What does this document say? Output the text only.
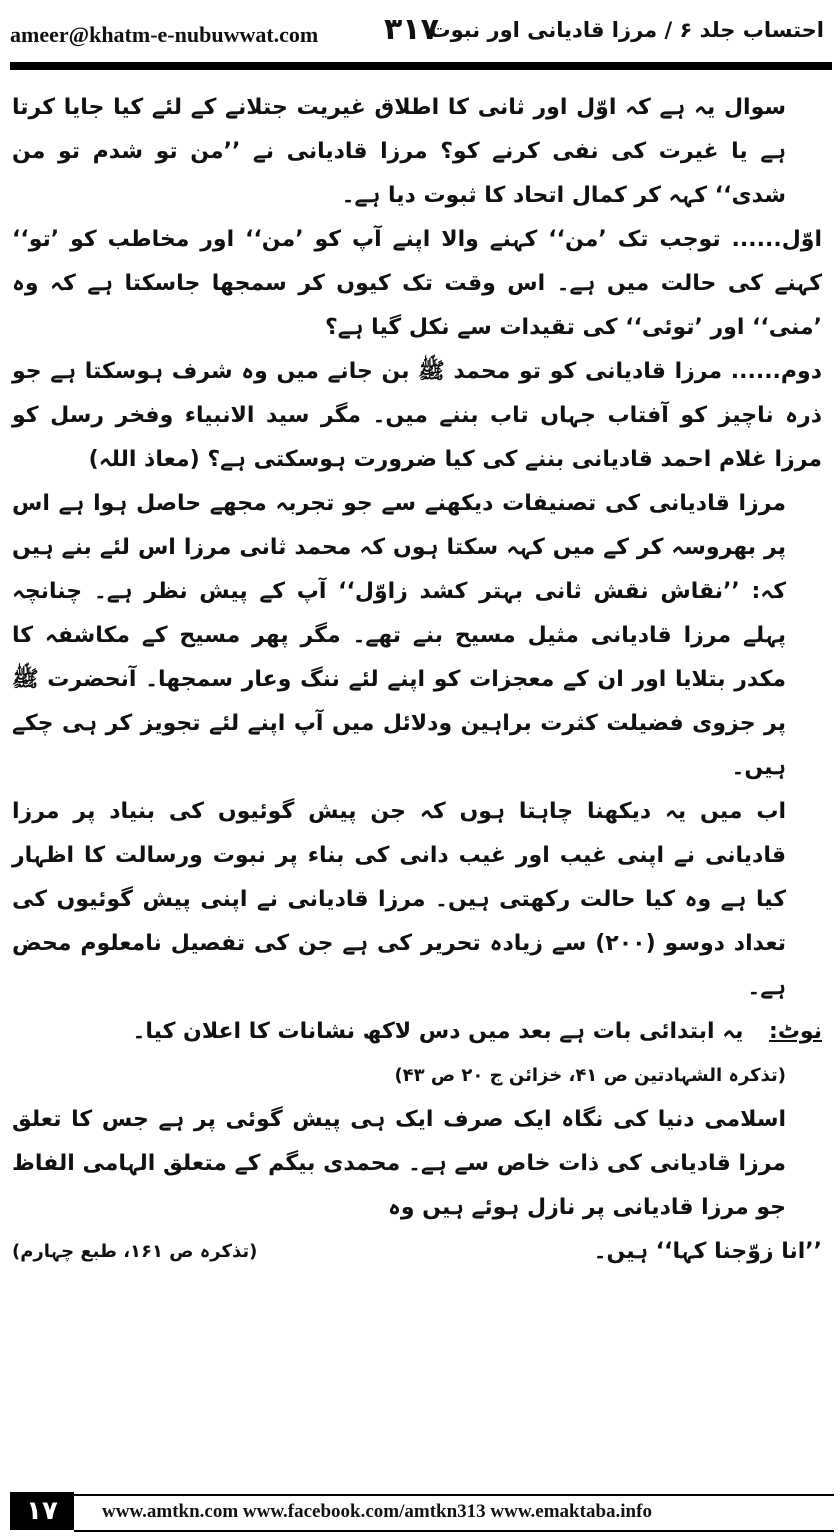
ameer@khatm-e-nubuwwat.com ۳۱۷
احتساب جلد ۶ / مرزا قادیانی اور نبوت

سوال یہ ہے کہ اوّل اور ثانی کا اطلاق غیریت جتلانے کے لئے کیا جایا کرتا ہے یا غیرت کی نفی کرنے کو؟ مرزا قادیانی نے ’’من تو شدم تو من شدی‘‘ کہہ کر کمال اتحاد کا ثبوت دیا ہے۔

اوّل...... توجب تک ’من‘‘ کہنے والا اپنے آپ کو ’من‘‘ اور مخاطب کو ’تو‘‘ کہنے کی حالت میں ہے۔ اس وقت تک کیوں کر سمجھا جاسکتا ہے کہ وہ ’منی‘‘ اور ’توئی‘‘ کی تقیدات سے نکل گیا ہے؟

دوم...... مرزا قادیانی کو تو محمد ﷺ بن جانے میں وہ شرف ہوسکتا ہے جو ذرہ ناچیز کو آفتاب جہاں تاب بننے میں۔ مگر سید الانبیاء وفخر رسل کو مرزا غلام احمد قادیانی بننے کی کیا ضرورت ہوسکتی ہے؟ (معاذ اللہ)

مرزا قادیانی کی تصنیفات دیکھنے سے جو تجربہ مجھے حاصل ہوا ہے اس پر بھروسہ کر کے میں کہہ سکتا ہوں کہ محمد ثانی مرزا اس لئے بنے ہیں کہ: ’’نقاش نقش ثانی بہتر کشد زاوّل‘‘ آپ کے پیش نظر ہے۔ چنانچہ پہلے مرزا قادیانی مثیل مسیح بنے تھے۔ مگر پھر مسیح کے مکاشفہ کا مکدر بتلایا اور ان کے معجزات کو اپنے لئے ننگ وعار سمجھا۔ آنحضرت ﷺ پر جزوی فضیلت کثرت براہین ودلائل میں آپ اپنے لئے تجویز کر ہی چکے ہیں۔

اب میں یہ دیکھنا چاہتا ہوں کہ جن پیش گوئیوں کی بنیاد پر مرزا قادیانی نے اپنی غیب اور غیب دانی کی بناء پر نبوت ورسالت کا اظہار کیا ہے وہ کیا حالت رکھتی ہیں۔ مرزا قادیانی نے اپنی پیش گوئیوں کی تعداد دوسو (۲۰۰) سے زیادہ تحریر کی ہے جن کی تفصیل نامعلوم محض ہے۔

نوٹ: یہ ابتدائی بات ہے بعد میں دس لاکھ نشانات کا اعلان کیا۔

(تذکرہ الشہادتین ص ۴۱، خزائن ج ۲۰ ص ۴۳)

اسلامی دنیا کی نگاہ ایک صرف ایک ہی پیش گوئی پر ہے جس کا تعلق مرزا قادیانی کی ذات خاص سے ہے۔ محمدی بیگم کے متعلق الہامی الفاظ جو مرزا قادیانی پر نازل ہوئے ہیں وہ

’’انا زوّجنا کہا‘‘ ہیں۔
(تذکرہ ص ۱۶۱، طبع چہارم)
۱۷	www.amtkn.com www.facebook.com/amtkn313 www.emaktaba.info
